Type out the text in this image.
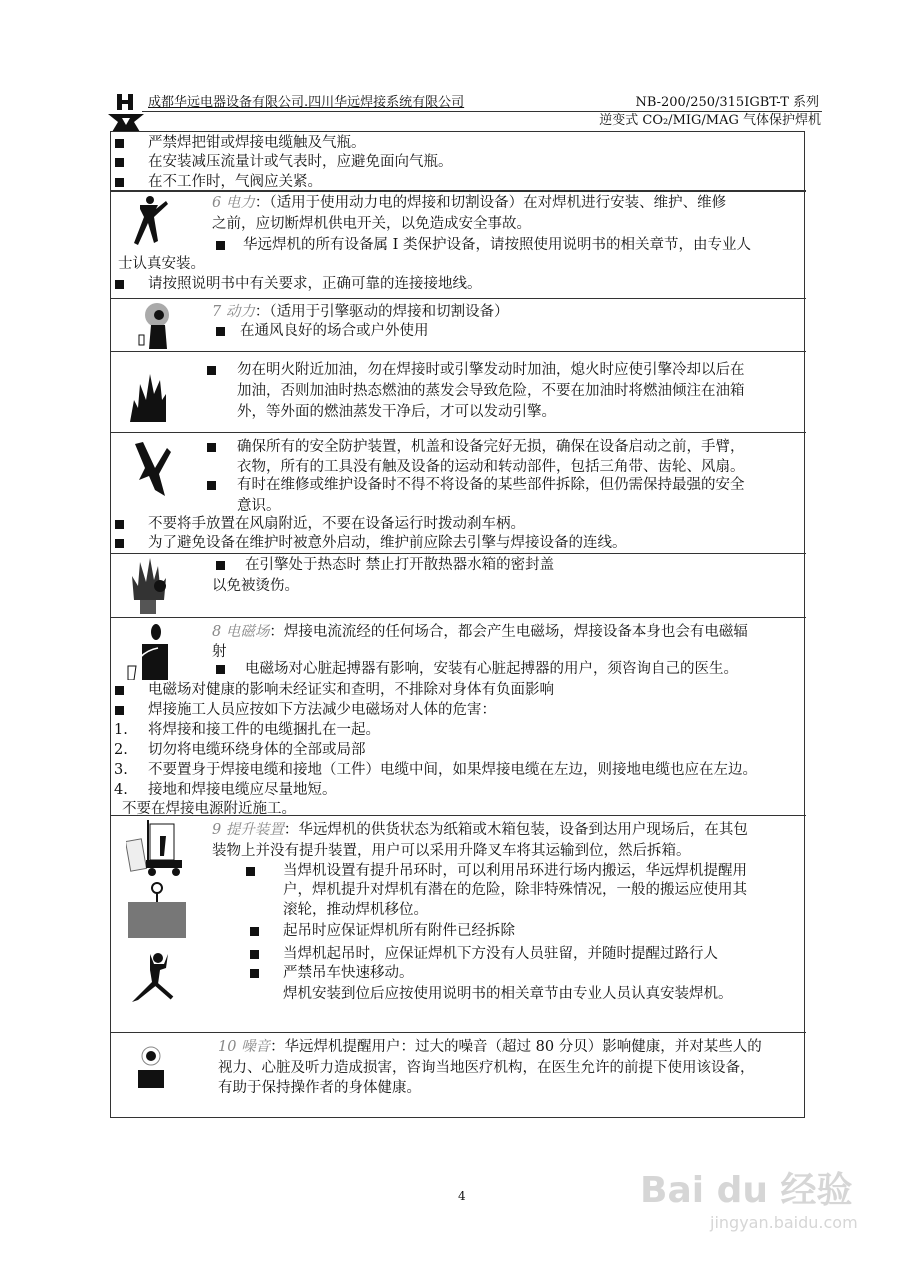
成都华远电器设备有限公司.四川华远焊接系统有限公司	NB-200/250/315IGBT-T 系列
逆变式 CO₂/MIG/MAG 气体保护焊机
严禁焊把钳或焊接电缆触及气瓶。
在安装减压流量计或气表时，应避免面向气瓶。
在不工作时，气阀应关紧。
6 电力：（适用于使用动力电的焊接和切割设备）在对焊机进行安装、维护、维修
之前，应切断焊机供电开关，以免造成安全事故。
华远焊机的所有设备属 I 类保护设备，请按照使用说明书的相关章节，由专业人
士认真安装。
请按照说明书中有关要求，正确可靠的连接接地线。
7 动力：（适用于引擎驱动的焊接和切割设备）
在通风良好的场合或户外使用
勿在明火附近加油，勿在焊接时或引擎发动时加油，熄火时应使引擎冷却以后在
加油，否则加油时热态燃油的蒸发会导致危险，不要在加油时将燃油倾注在油箱
外，等外面的燃油蒸发干净后，才可以发动引擎。
确保所有的安全防护装置，机盖和设备完好无损，确保在设备启动之前，手臂，
衣物，所有的工具没有触及设备的运动和转动部件，包括三角带、齿轮、风扇。
有时在维修或维护设备时不得不将设备的某些部件拆除，但仍需保持最强的安全
意识。
不要将手放置在风扇附近，不要在设备运行时拨动刹车柄。
为了避免设备在维护时被意外启动，维护前应除去引擎与焊接设备的连线。
在引擎处于热态时 禁止打开散热器水箱的密封盖
以免被烫伤。
8 电磁场：焊接电流流经的任何场合，都会产生电磁场，焊接设备本身也会有电磁辐
射
电磁场对心脏起搏器有影响，安装有心脏起搏器的用户，须咨询自己的医生。
电磁场对健康的影响未经证实和查明，不排除对身体有负面影响
焊接施工人员应按如下方法减少电磁场对人体的危害：
1. 将焊接和接工件的电缆捆扎在一起。
2. 切勿将电缆环绕身体的全部或局部
3. 不要置身于焊接电缆和接地（工件）电缆中间，如果焊接电缆在左边，则接地电缆也应在左边。
4. 接地和焊接电缆应尽量地短。
不要在焊接电源附近施工。
9 提升装置：华远焊机的供货状态为纸箱或木箱包装，设备到达用户现场后，在其包
装物上并没有提升装置，用户可以采用升降叉车将其运输到位，然后拆箱。
当焊机设置有提升吊环时，可以利用吊环进行场内搬运，华远焊机提醒用
户，焊机提升对焊机有潜在的危险，除非特殊情况，一般的搬运应使用其
滚轮，推动焊机移位。
起吊时应保证焊机所有附件已经拆除
当焊机起吊时，应保证焊机下方没有人员驻留，并随时提醒过路行人
严禁吊车快速移动。
焊机安装到位后应按使用说明书的相关章节由专业人员认真安装焊机。
10 噪音：华远焊机提醒用户：过大的噪音（超过 80 分贝）影响健康，并对某些人的
视力、心脏及听力造成损害，咨询当地医疗机构，在医生允许的前提下使用该设备，
有助于保持操作者的身体健康。
4	Bai du 经验
jingyan.baidu.com
